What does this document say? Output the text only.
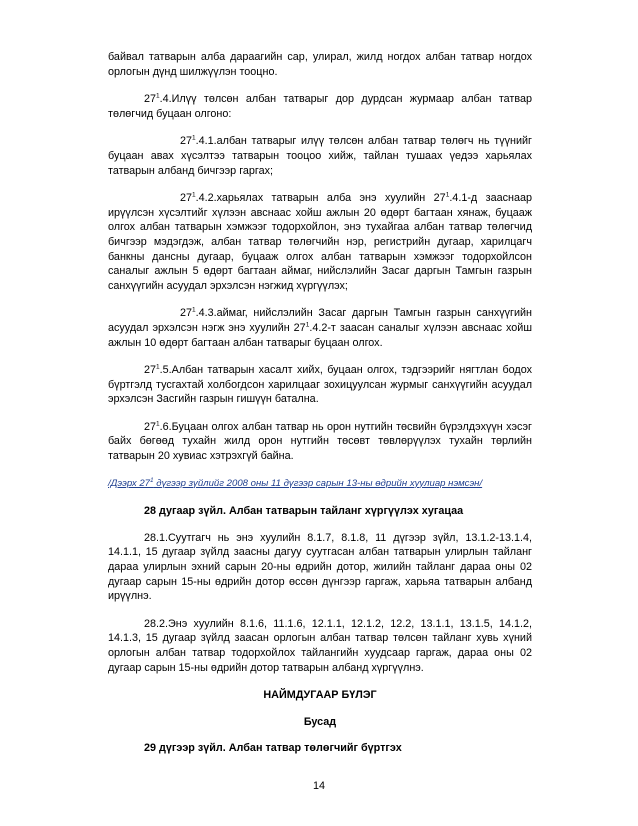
байвал татварын алба дараагийн сар, улирал, жилд ногдох албан татвар ногдох орлогын дүнд шилжүүлэн тооцно.

$27^1.4.Илүү$ төлсөн албан татварыг дор дурдсан журмаар албан татвар төлөгчид буцаан олгоно:

$27^1.4.1.албан$ татварыг илүү төлсөн албан татвар төлөгч нь түүнийг буцаан авах хүсэлтээ татварын тооцоо хийж, тайлан тушаах үедээ харьялах татварын албанд бичгээр гаргах;

$27^1.4.2.харьялах$ татварын алба энэ хуулийн $27^1.4.1-д$ зааснаар ирүүлсэн хүсэлтийг хүлээн авснаас хойш ажлын 20 өдөрт багтаан хянаж, буцааж олгох албан татварын хэмжээг тодорхойлон, энэ тухайгаа албан татвар төлөгчид бичгээр мэдэгдэж, албан татвар төлөгчийн нэр, регистрийн дугаар, харилцагч банкны дансны дугаар, буцааж олгох албан татварын хэмжээг тодорхойлсон саналыг ажлын 5 өдөрт багтаан аймаг, нийслэлийн Засаг даргын Тамгын газрын санхүүгийн асуудал эрхэлсэн нэгжид хүргүүлэх;

$27^1.4.3.аймаг$, нийслэлийн Засаг даргын Тамгын газрын санхүүгийн асуудал эрхэлсэн нэгж энэ хуулийн $27^1.4.2-т$ заасан саналыг хүлээн авснаас хойш ажлын 10 өдөрт багтаан албан татварыг буцаан олгох.

$27^1.5.Албан$ татварын хасалт хийх, буцаан олгох, тэдгээрийг нягтлан бодох бүртгэлд тусгахтай холбогдсон харилцааг зохицуулсан журмыг санхүүгийн асуудал эрхэлсэн Засгийн газрын гишүүн батална.

$27^1.6.Буцаан$ олгох албан татвар нь орон нутгийн төсвийн бүрэлдэхүүн хэсэг байх бөгөөд тухайн жилд орон нутгийн төсөвт төвлөрүүлэх тухайн төрлийн татварын 20 хувиас хэтрэхгүй байна.

/Дээрх $27^1$ дүгээр зүйлийг 2008 оны 11 дүгээр сарын 13-ны өдрийн хуулиар нэмсэн/

28 дугаар зүйл. Албан татварын тайланг хүргүүлэх хугацаа

28.1.Суутгагч нь энэ хуулийн 8.1.7, 8.1.8, 11 дүгээр зүйл, 13.1.2-13.1.4, 14.1.1, 15 дугаар зүйлд заасны дагуу суутгасан албан татварын улирлын тайланг дараа улирлын эхний сарын 20-ны өдрийн дотор, жилийн тайланг дараа оны 02 дугаар сарын 15-ны өдрийн дотор өссөн дүнгээр гаргаж, харьяа татварын албанд ирүүлнэ.

28.2.Энэ хуулийн 8.1.6, 11.1.6, 12.1.1, 12.1.2, 12.2, 13.1.1, 13.1.5, 14.1.2, 14.1.3, 15 дугаар зүйлд заасан орлогын албан татвар төлсөн тайланг хувь хүний орлогын албан татвар тодорхойлох тайлангийн хуудсаар гаргаж, дараа оны 02 дугаар сарын 15-ны өдрийн дотор татварын албанд хүргүүлнэ.

НАЙМДУГААР БҮЛЭГ

Бусад

29 дүгээр зүйл. Албан татвар төлөгчийг бүртгэх

14
